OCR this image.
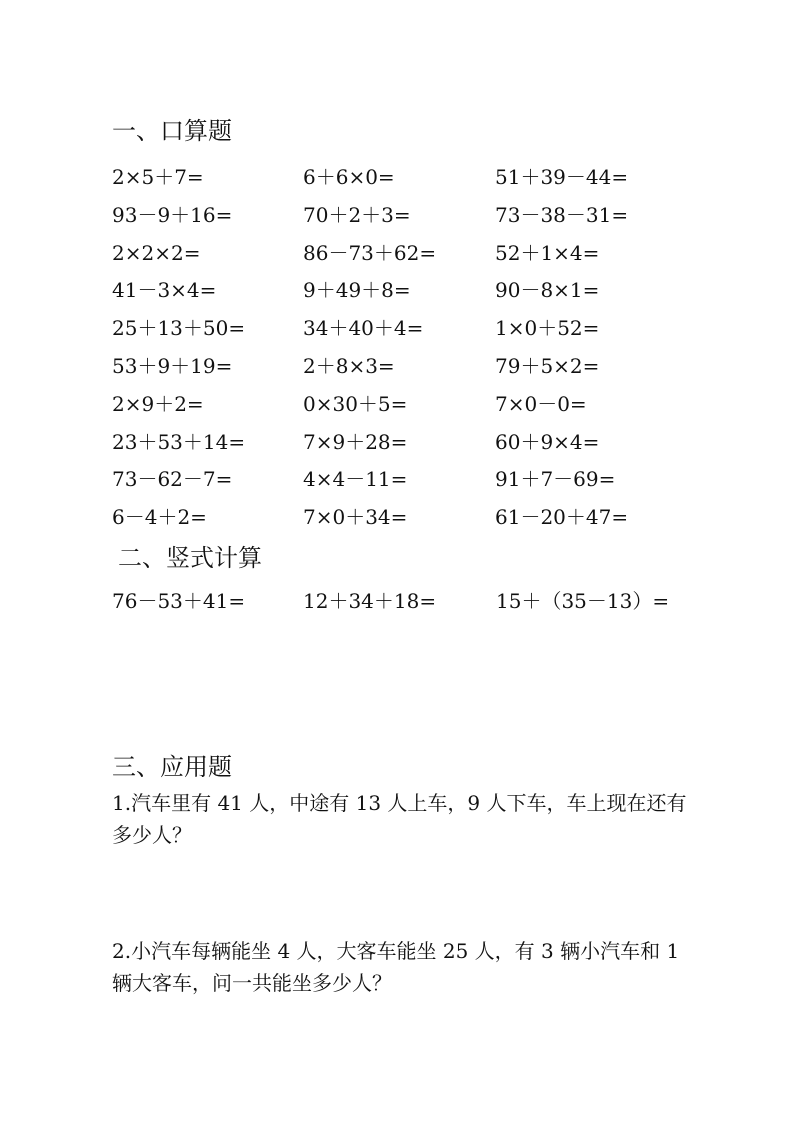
一、口算题
2×5＋7=	6＋6×0=	51＋39－44=
93－9＋16=	70＋2＋3=	73－38－31=
2×2×2=	86－73＋62=	52＋1×4=
41－3×4=	9＋49＋8=	90－8×1=
25＋13＋50=	34＋40＋4=	1×0＋52=
53＋9＋19=	2＋8×3=	79＋5×2=
2×9＋2=	0×30＋5=	7×0－0=
23＋53＋14=	7×9＋28=	60＋9×4=
73－62－7=	4×4－11=	91＋7－69=
6－4＋2=	7×0＋34=	61－20＋47=
二、竖式计算
76－53＋41=	12＋34＋18=	15＋（35－13）=
三、应用题
1.汽车里有 41 人，中途有 13 人上车，9 人下车，车上现在还有多少人？
2.小汽车每辆能坐 4 人，大客车能坐 25 人，有 3 辆小汽车和 1 辆大客车，问一共能坐多少人？
